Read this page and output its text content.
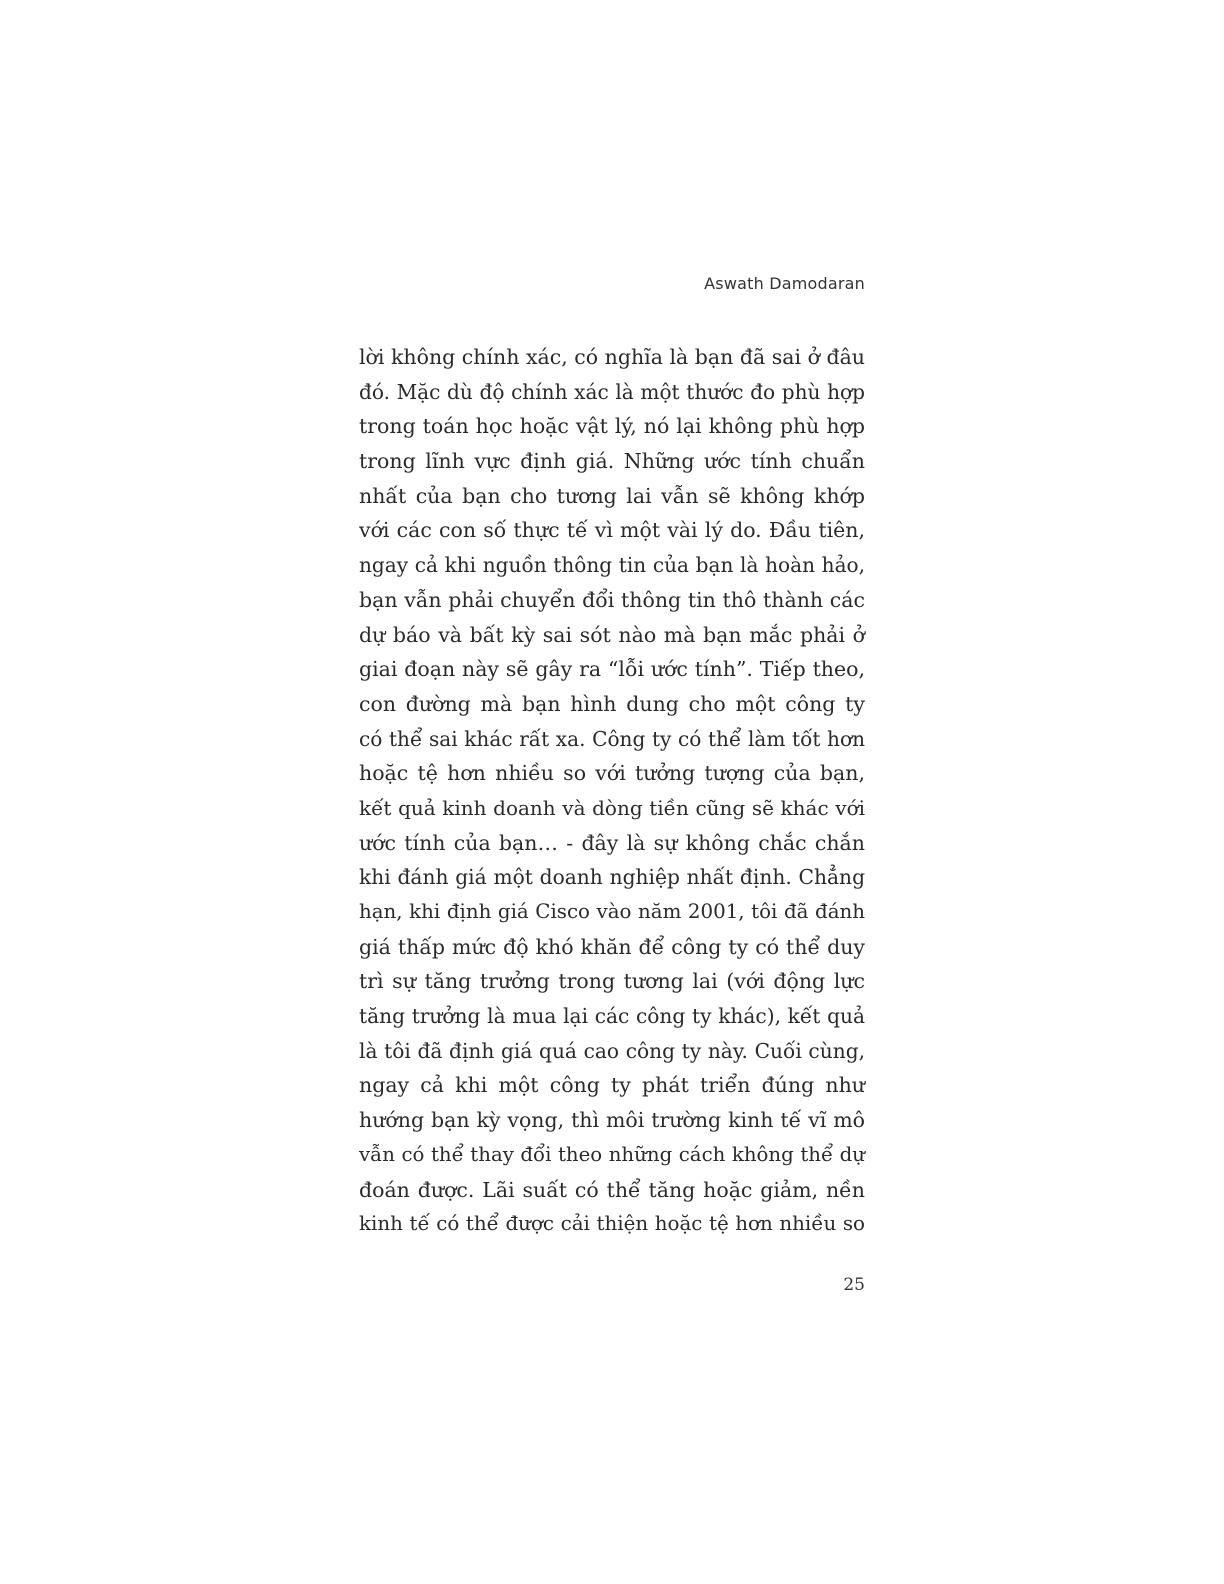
Aswath Damodaran
lời không chính xác, có nghĩa là bạn đã sai ở đâu
đó. Mặc dù độ chính xác là một thước đo phù hợp
trong toán học hoặc vật lý, nó lại không phù hợp
trong lĩnh vực định giá. Những ước tính chuẩn
nhất của bạn cho tương lai vẫn sẽ không khớp
với các con số thực tế vì một vài lý do. Đầu tiên,
ngay cả khi nguồn thông tin của bạn là hoàn hảo,
bạn vẫn phải chuyển đổi thông tin thô thành các
dự báo và bất kỳ sai sót nào mà bạn mắc phải ở
giai đoạn này sẽ gây ra “lỗi ước tính”. Tiếp theo,
con đường mà bạn hình dung cho một công ty
có thể sai khác rất xa. Công ty có thể làm tốt hơn
hoặc tệ hơn nhiều so với tưởng tượng của bạn,
kết quả kinh doanh và dòng tiền cũng sẽ khác với
ước tính của bạn… - đây là sự không chắc chắn
khi đánh giá một doanh nghiệp nhất định. Chẳng
hạn, khi định giá Cisco vào năm 2001, tôi đã đánh
giá thấp mức độ khó khăn để công ty có thể duy
trì sự tăng trưởng trong tương lai (với động lực
tăng trưởng là mua lại các công ty khác), kết quả
là tôi đã định giá quá cao công ty này. Cuối cùng,
ngay cả khi một công ty phát triển đúng như
hướng bạn kỳ vọng, thì môi trường kinh tế vĩ mô
vẫn có thể thay đổi theo những cách không thể dự
đoán được. Lãi suất có thể tăng hoặc giảm, nền
kinh tế có thể được cải thiện hoặc tệ hơn nhiều so
25
